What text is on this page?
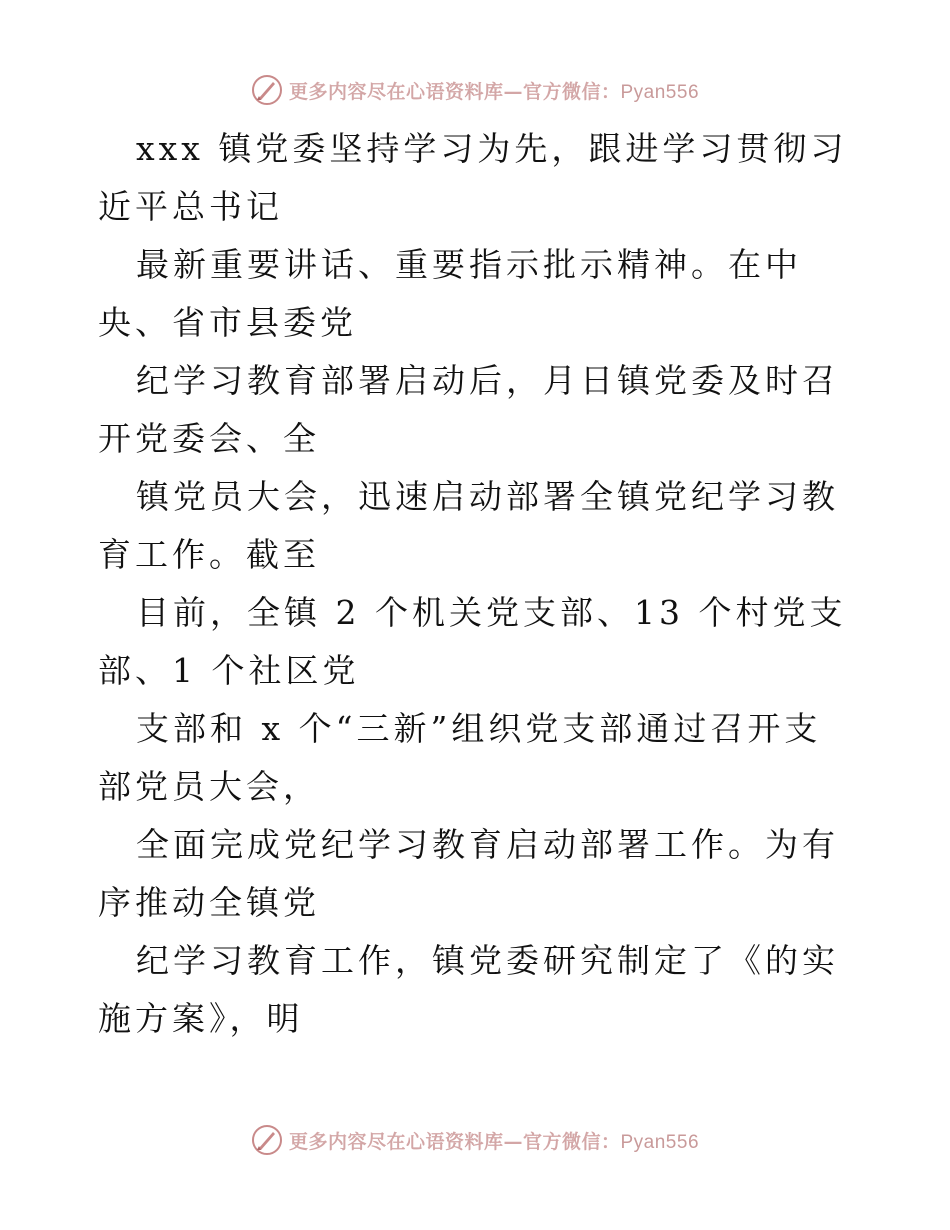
更多内容尽在心语资料库—官方微信：Pyan556

xxx 镇党委坚持学习为先，跟进学习贯彻习近平总书记

最新重要讲话、重要指示批示精神。在中央、省市县委党

纪学习教育部署启动后，月日镇党委及时召开党委会、全

镇党员大会，迅速启动部署全镇党纪学习教育工作。截至

目前，全镇 2 个机关党支部、13 个村党支部、1 个社区党

支部和 x 个“三新”组织党支部通过召开支部党员大会，

全面完成党纪学习教育启动部署工作。为有序推动全镇党

纪学习教育工作，镇党委研究制定了《的实施方案》，明

更多内容尽在心语资料库—官方微信：Pyan556
